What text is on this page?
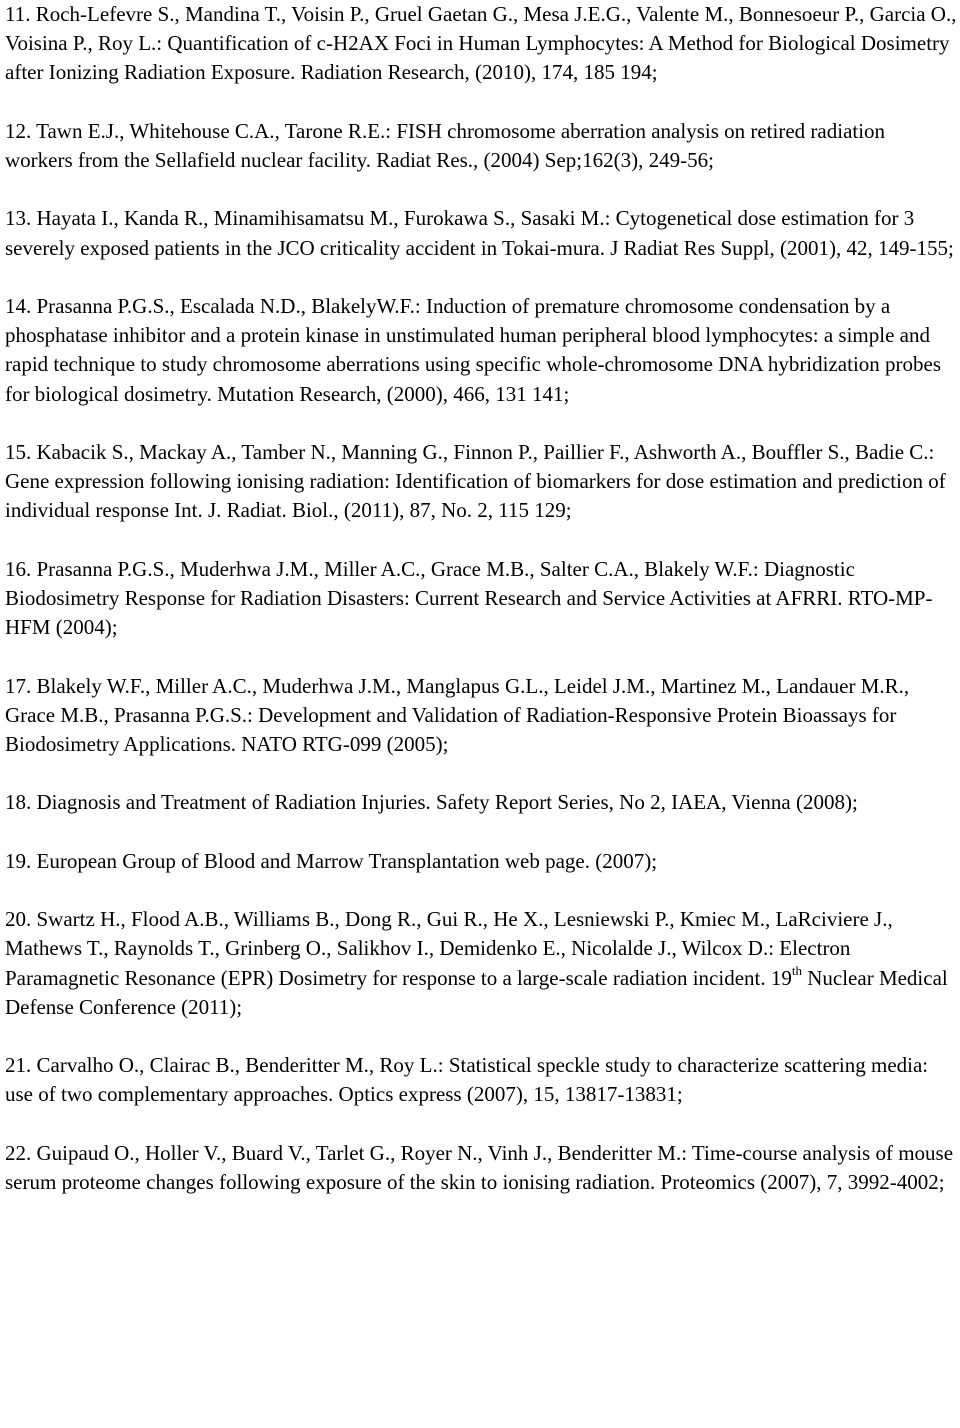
11. Roch-Lefevre S., Mandina T., Voisin P., Gruel Gaetan G., Mesa J.E.G., Valente M., Bonnesoeur P., Garcia O., Voisina P., Roy L.: Quantification of c-H2AX Foci in Human Lymphocytes: A Method for Biological Dosimetry after Ionizing Radiation Exposure. Radiation Research, (2010), 174, 185 194;

12. Tawn E.J., Whitehouse C.A., Tarone R.E.: FISH chromosome aberration analysis on retired radiation workers from the Sellafield nuclear facility. Radiat Res., (2004) Sep;162(3), 249-56;

13. Hayata I., Kanda R., Minamihisamatsu M., Furokawa S., Sasaki M.: Cytogenetical dose estimation for 3 severely exposed patients in the JCO criticality accident in Tokai-mura. J Radiat Res Suppl, (2001), 42, 149-155;

14. Prasanna P.G.S., Escalada N.D., BlakelyW.F.: Induction of premature chromosome condensation by a phosphatase inhibitor and a protein kinase in unstimulated human peripheral blood lymphocytes: a simple and rapid technique to study chromosome aberrations using specific whole-chromosome DNA hybridization probes for biological dosimetry. Mutation Research, (2000), 466, 131 141;

15. Kabacik S., Mackay A., Tamber N., Manning G., Finnon P., Paillier F., Ashworth A., Bouffler S., Badie C.: Gene expression following ionising radiation: Identification of biomarkers for dose estimation and prediction of individual response Int. J. Radiat. Biol., (2011), 87, No. 2, 115 129;

16. Prasanna P.G.S., Muderhwa J.M., Miller A.C., Grace M.B., Salter C.A., Blakely W.F.: Diagnostic Biodosimetry Response for Radiation Disasters: Current Research and Service Activities at AFRRI. RTO-MP-HFM (2004);

17. Blakely W.F., Miller A.C., Muderhwa J.M., Manglapus G.L., Leidel J.M., Martinez M., Landauer M.R., Grace M.B., Prasanna P.G.S.: Development and Validation of Radiation-Responsive Protein Bioassays for Biodosimetry Applications. NATO RTG-099 (2005);

18. Diagnosis and Treatment of Radiation Injuries. Safety Report Series, No 2, IAEA, Vienna (2008);

19. European Group of Blood and Marrow Transplantation web page. (2007);

20. Swartz H., Flood A.B., Williams B., Dong R., Gui R., He X., Lesniewski P., Kmiec M., LaRciviere J., Mathews T., Raynolds T., Grinberg O., Salikhov I., Demidenko E., Nicolalde J., Wilcox D.: Electron Paramagnetic Resonance (EPR) Dosimetry for response to a large-scale radiation incident. 19th Nuclear Medical Defense Conference (2011);

21. Carvalho O., Clairac B., Benderitter M., Roy L.: Statistical speckle study to characterize scattering media: use of two complementary approaches. Optics express (2007), 15, 13817-13831;

22. Guipaud O., Holler V., Buard V., Tarlet G., Royer N., Vinh J., Benderitter M.: Time-course analysis of mouse serum proteome changes following exposure of the skin to ionising radiation. Proteomics (2007), 7, 3992-4002;
